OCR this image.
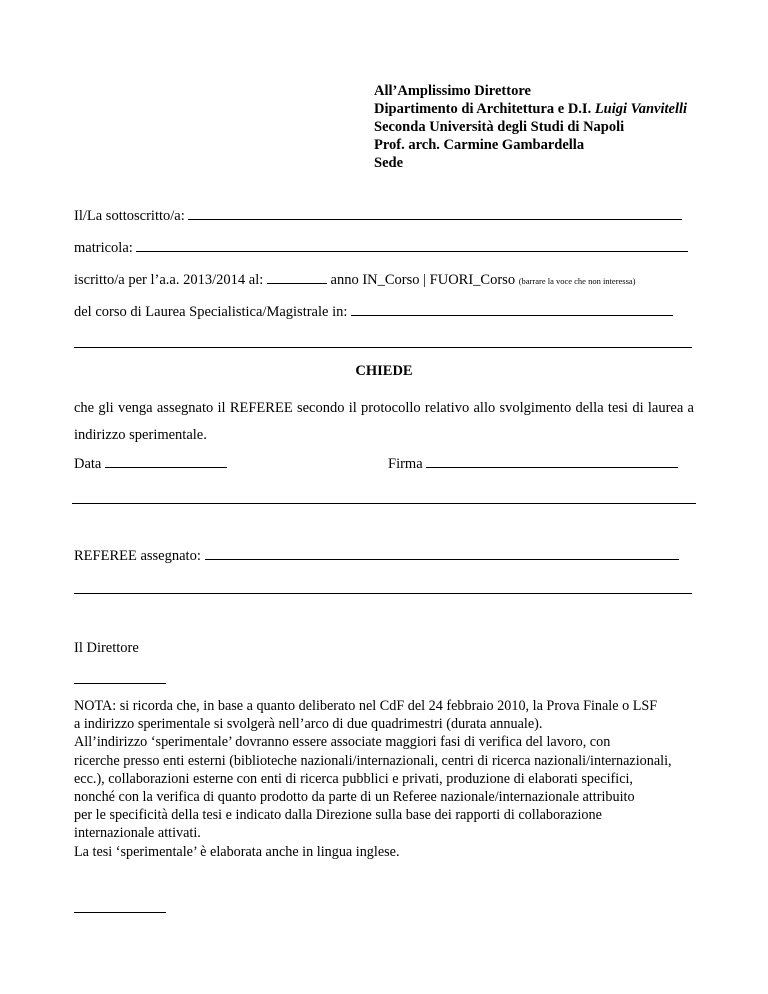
All’Amplissimo Direttore
Dipartimento di Architettura e D.I. Luigi Vanvitelli
Seconda Università degli Studi di Napoli
Prof. arch. Carmine Gambardella
Sede
Il/La sottoscritto/a:
matricola:
iscritto/a per l’a.a. 2013/2014 al:	anno IN_Corso | FUORI_Corso (barrare la voce che non interessa)
del corso di Laurea Specialistica/Magistrale in:
CHIEDE
che gli venga assegnato il REFEREE secondo il protocollo relativo allo svolgimento della tesi di laurea a indirizzo sperimentale.
Data	Firma
REFEREE assegnato:
Il Direttore
NOTA: si ricorda che, in base a quanto deliberato nel CdF del 24 febbraio 2010, la Prova Finale o LSF
a indirizzo sperimentale si svolgerà nell’arco di due quadrimestri (durata annuale).
All’indirizzo ‘sperimentale’ dovranno essere associate maggiori fasi di verifica del lavoro, con
ricerche presso enti esterni (biblioteche nazionali/internazionali, centri di ricerca nazionali/internazionali,
ecc.), collaborazioni esterne con enti di ricerca pubblici e privati, produzione di elaborati specifici,
nonché con la verifica di quanto prodotto da parte di un Referee nazionale/internazionale attribuito
per le specificità della tesi e indicato dalla Direzione sulla base dei rapporti di collaborazione
internazionale attivati.
La tesi ‘sperimentale’ è elaborata anche in lingua inglese.
